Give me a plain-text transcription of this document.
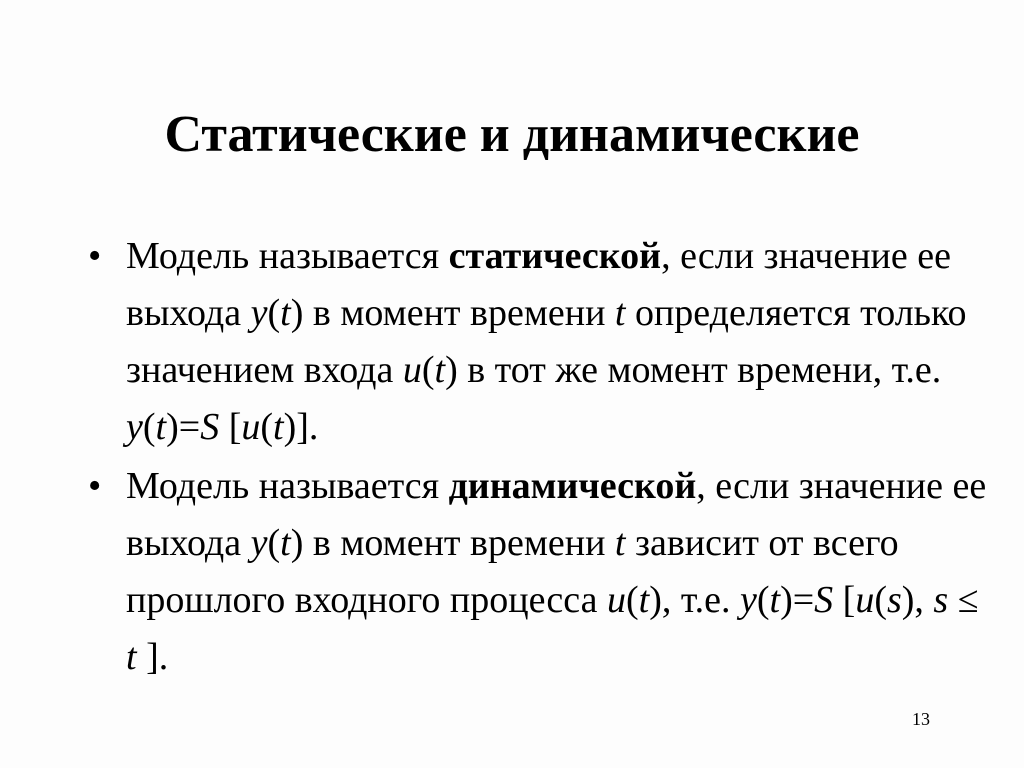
Статические и динамические
• Модель называется статической, если значение ее выхода y(t) в момент времени t определяется только значением входа u(t) в тот же момент времени, т.е. y(t)=S [u(t)].
• Модель называется динамической, если значение ее выхода y(t) в момент времени t зависит от всего прошлого входного процесса u(t), т.е. y(t)=S [u(s), s ≤ t ].
13
